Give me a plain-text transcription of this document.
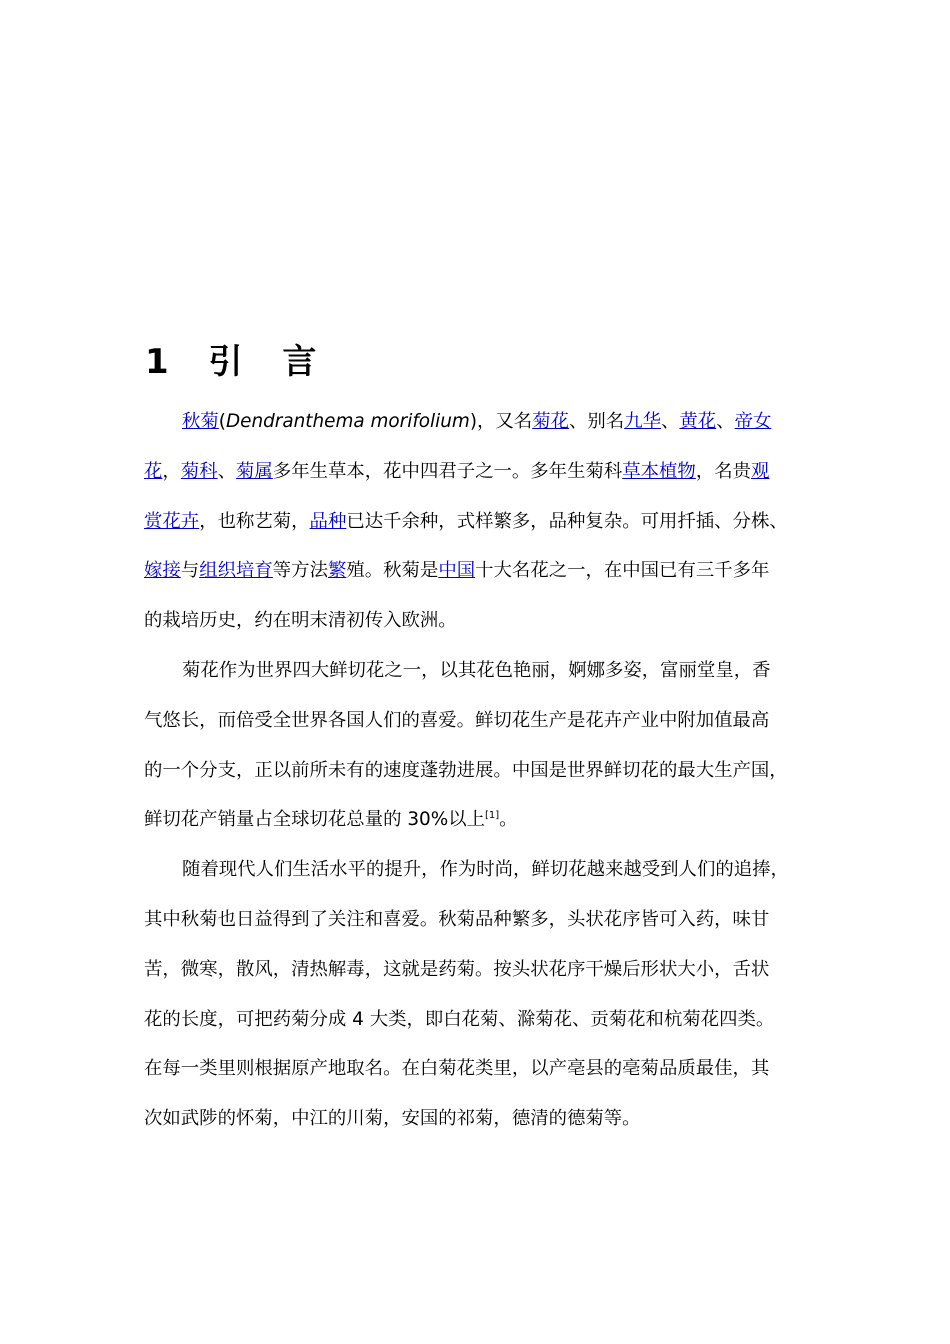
1 引 言
秋菊(Dendranthema morifolium)，又名菊花、别名九华、黄花、帝女
花，菊科、菊属多年生草本，花中四君子之一。多年生菊科草本植物，名贵观
赏花卉，也称艺菊，品种已达千余种，式样繁多，品种复杂。可用扦插、分株、
嫁接与组织培育等方法繁殖。秋菊是中国十大名花之一，在中国已有三千多年
的栽培历史，约在明末清初传入欧洲。
菊花作为世界四大鲜切花之一，以其花色艳丽，婀娜多姿，富丽堂皇，香
气悠长，而倍受全世界各国人们的喜爱。鲜切花生产是花卉产业中附加值最高
的一个分支，正以前所未有的速度蓬勃进展。中国是世界鲜切花的最大生产国，
鲜切花产销量占全球切花总量的 30%以上[1]。
随着现代人们生活水平的提升，作为时尚，鲜切花越来越受到人们的追捧，
其中秋菊也日益得到了关注和喜爱。秋菊品种繁多，头状花序皆可入药，味甘
苦，微寒，散风，清热解毒，这就是药菊。按头状花序干燥后形状大小，舌状
花的长度，可把药菊分成 4 大类，即白花菊、滁菊花、贡菊花和杭菊花四类。
在每一类里则根据原产地取名。在白菊花类里，以产亳县的亳菊品质最佳，其
次如武陟的怀菊，中江的川菊，安国的祁菊，德清的德菊等。
